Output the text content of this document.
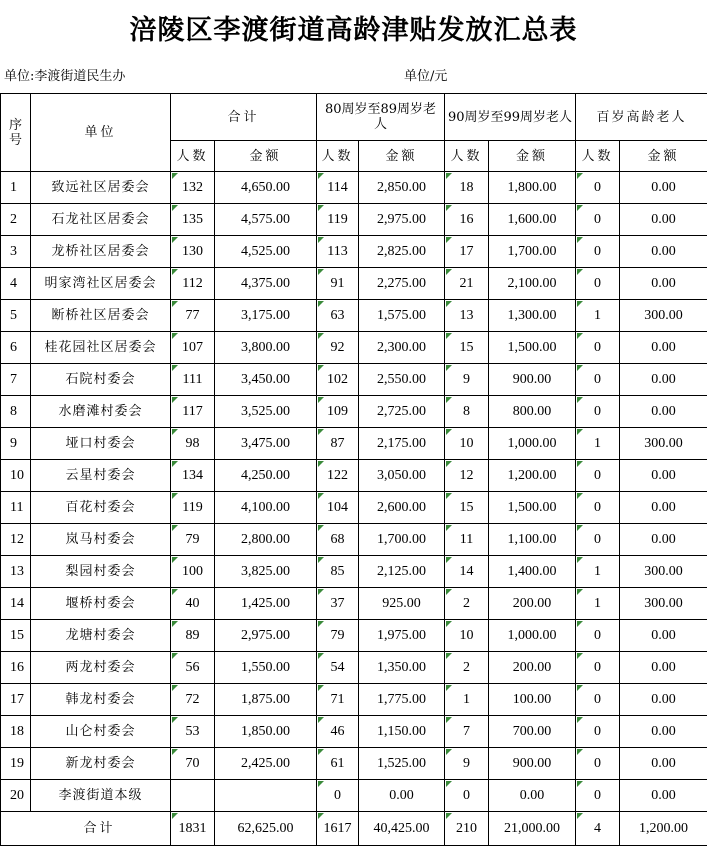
涪陵区李渡街道高龄津贴发放汇总表
单位:李渡街道民生办	单位/元
序号	单位	合计		80周岁至89周岁老人		90周岁至99周岁老人		百岁高龄老人	
		人数	金额	人数	金额	人数	金额	人数	金额
1	致远社区居委会	132	4,650.00	114	2,850.00	18	1,800.00	0	0.00
2	石龙社区居委会	135	4,575.00	119	2,975.00	16	1,600.00	0	0.00
3	龙桥社区居委会	130	4,525.00	113	2,825.00	17	1,700.00	0	0.00
4	明家湾社区居委会	112	4,375.00	91	2,275.00	21	2,100.00	0	0.00
5	断桥社区居委会	77	3,175.00	63	1,575.00	13	1,300.00	1	300.00
6	桂花园社区居委会	107	3,800.00	92	2,300.00	15	1,500.00	0	0.00
7	石院村委会	111	3,450.00	102	2,550.00	9	900.00	0	0.00
8	水磨滩村委会	117	3,525.00	109	2,725.00	8	800.00	0	0.00
9	垭口村委会	98	3,475.00	87	2,175.00	10	1,000.00	1	300.00
10	云星村委会	134	4,250.00	122	3,050.00	12	1,200.00	0	0.00
11	百花村委会	119	4,100.00	104	2,600.00	15	1,500.00	0	0.00
12	岚马村委会	79	2,800.00	68	1,700.00	11	1,100.00	0	0.00
13	梨园村委会	100	3,825.00	85	2,125.00	14	1,400.00	1	300.00
14	堰桥村委会	40	1,425.00	37	925.00	2	200.00	1	300.00
15	龙塘村委会	89	2,975.00	79	1,975.00	10	1,000.00	0	0.00
16	两龙村委会	56	1,550.00	54	1,350.00	2	200.00	0	0.00
17	韩龙村委会	72	1,875.00	71	1,775.00	1	100.00	0	0.00
18	山仑村委会	53	1,850.00	46	1,150.00	7	700.00	0	0.00
19	新龙村委会	70	2,425.00	61	1,525.00	9	900.00	0	0.00
20	李渡街道本级			0	0.00	0	0.00	0	0.00
合计		1831	62,625.00	1617	40,425.00	210	21,000.00	4	1,200.00
